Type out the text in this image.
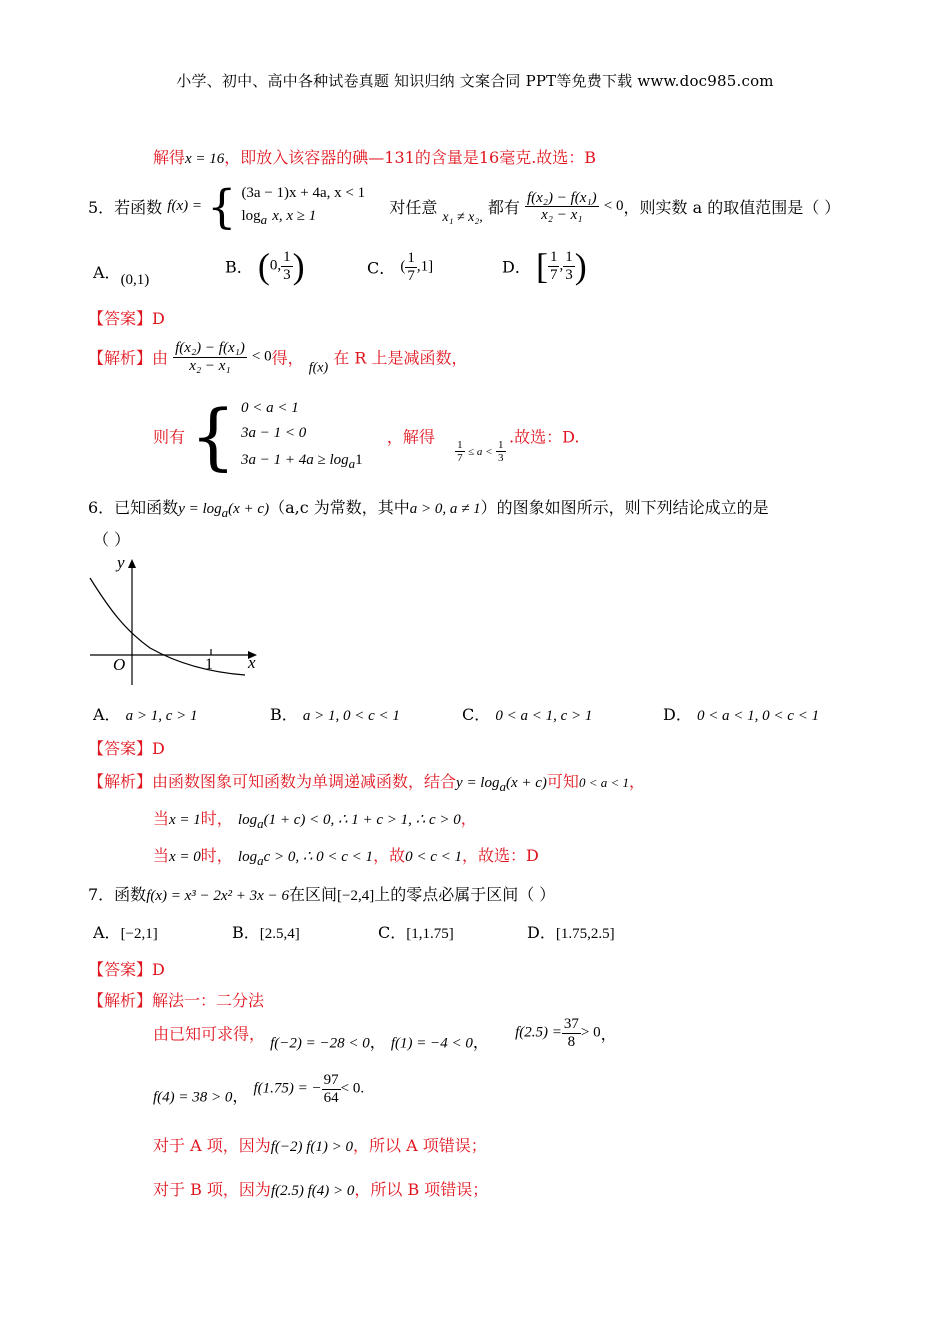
小学、初中、高中各种试卷真题 知识归纳 文案合同 PPT等免费下载 www.doc985.com
解得x = 16，即放入该容器的碘—131的含量是16毫克.故选：B
5．若函数 f(x) = { (3a − 1)x + 4a, x < 1
$\log_a x$, x ≥ 1	对任意 x₁ ≠ x₂, 都有 $\frac{\text{f(x₂) − f(x₁)}}{\text{x₂ − x₁}} < 0$，则实数 a 的取值范围是（ ）
A．(0,1)
B． (0, $\frac{1}{3}$ )	C． ( $\frac{1}{7} ,1$]	D． [ $\frac{1}{7}$ , $\frac{1}{3}$ )
【答案】D
【解析】由 $\frac{\text{f(x₂) − f(x₁)}}{\text{x₂ − x₁}} < 0$得， f(x) 在 R 上是减函数，
则有 { 0 < a < 1
3a − 1 < 0
$3a - 1 + 4a \ge \log_a1$
，解得
$_{\frac{1}{7} \le a < \frac{1}{3}}$
.故选：D.
6．已知函数$y = \log_a(x + c)(a,c$ 为常数，其中a > 0, a ≠ 1）的图象如图所示，则下列结论成立的是
（ ）
y
x
O	1
A． a > 1, c > 1	B． a > 1, 0 < c < 1	C． 0 < a < 1, c > 1	D． 0 < a < 1, 0 < c < 1
【答案】D
【解析】由函数图象可知函数为单调递减函数，结合$y = \log_a(x + c)$可知0 < a < 1，
当x = 1时， $\log_a(1 + c) < 0$, ∴ 1 + c > 1, ∴ c > 0，
当x = 0时， $\log_ac > 0$, ∴ 0 < c < 1，故0 < c < 1，故选：D
7．函数f(x) = x³ − 2x² + 3x − 6在区间[−2,4]上的零点必属于区间（ ）
A．[−2,1]	B．[2.5,4]	C．[1,1.75]	D．[1.75,2.5]
【答案】D
【解析】解法一：二分法
由已知可求得， f(−2) = −28 < 0， f(1) = −4 < 0， $f(2.5) = \frac{37}{8} > 0$，
f(4) = 38 > 0， f(1.75) = − $\frac{97}{64} < 0$.
对于 A 项，因为f(−2) f(1) > 0，所以 A 项错误；
对于 B 项，因为f(2.5) f(4) > 0，所以 B 项错误；
